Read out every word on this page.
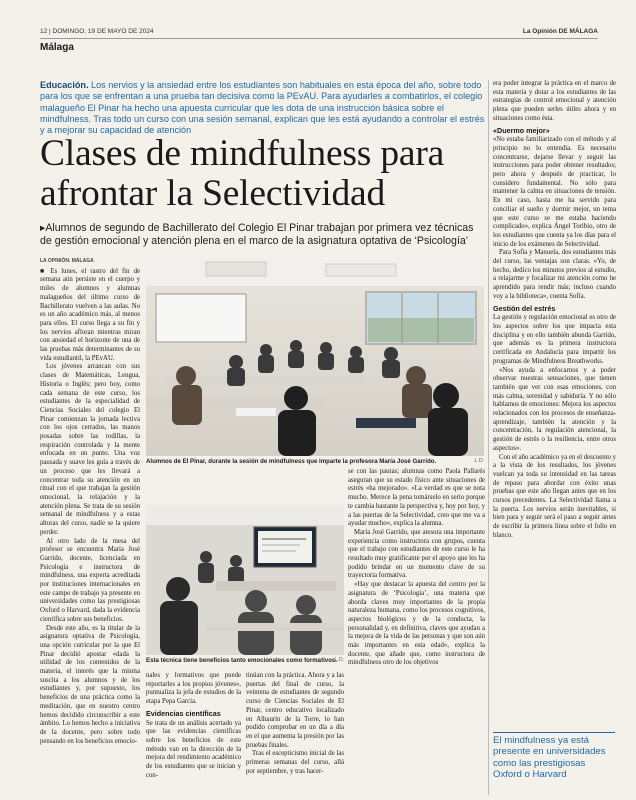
12 | DOMINGO, 19 DE MAYO DE 2024	La Opinión DE MÁLAGA
Málaga
Educación. Los nervios y la ansiedad entre los estudiantes son habituales en esta época del año, sobre todo para los que se enfrentan a una prueba tan decisiva como la PEvAU. Para ayudarles a combatirlos, el colegio malagueño El Pinar ha hecho una apuesta curricular que les dota de una instrucción básica sobre el mindfulness. Tras todo un curso con una sesión semanal, explican que les está ayudando a controlar el estrés y a mejorar su capacidad de atención
Clases de mindfulness para afrontar la Selectividad
▸Alumnos de segundo de Bachillerato del Colegio El Pinar trabajan por primera vez técnicas de gestión emocional y atención plena en el marco de la asignatura optativa de ‘Psicología’

era poder integrar la práctica en el marco de esta materia y dotar a los estudiantes de las estrategias de control emocional y atención plena que pueden serles útiles ahora y en situaciones como ésta.

«Duermo mejor»

«No estaba familiarizado con el método y al principio no lo entendía. Es necesario concentrarse, dejarse llevar y seguir las instrucciones para poder obtener resultados; pero ahora y después de practicar, lo considero fundamental. No sólo para mantener la calma en situaciones de tensión. En mi caso, hasta me ha servido para conciliar el sueño y dormir mejor, un tema que este curso se me estaba haciendo complicado», explica Ángel Toribio, otro de los estudiantes que cuenta ya los días para el inicio de los exámenes de Selectividad.

Para Sofía y Manuela, dos estudiantes más del curso, las ventajas son claras. «Yo, de hecho, dedico los minutos previos al estudio, a relajarme y focalizar mi atención como he aprendido para rendir más; incluso cuando voy a la biblioteca», cuenta Sofía.

Gestión del estrés

La gestión y regulación emocional es otro de los aspectos sobre los que impacta esta disciplina y en ello también abunda Garrido, que además es la primera instructora certificada en Andalucía para impartir los programas de Mindfulness Breathworks.

«Nos ayuda a enfocarnos y a poder observar nuestras sensaciones, que tienen también que ver con esas emociones, con más calma, serenidad y sabiduría. Y no sólo hablamos de emociones: Mejora los aspectos relacionados con los procesos de enseñanza-aprendizaje, también la atención y la concentración, la regulación atencional, la gestión de estrés o la resiliencia, entre otros aspectos».

Con el año académico ya en el descuento y a la vista de los resultados, los jóvenes vuelcan ya toda su intensidad en las tareas de repaso para abordar con éxito unas pruebas que este año llegan antes que en los cursos precedentes. La Selectividad llama a la puerta. Los nervios serán inevitables, si bien para y seguir será el paso a seguir antes de escribir la primera línea sobre el folio en blanco.

LA OPINIÓN. MÁLAGA

■ Es lunes, el rastro del fin de semana aún persiste en el cuerpo y miles de alumnos y alumnas malagueños del último curso de Bachillerato vuelven a las aulas. No es un año académico más, al menos para ellos. El curso llega a su fin y los nervios afloran mientras miran con ansiedad el horizonte de una de las pruebas más determinantes de su vida estudiantil, la PEvAU.

Los jóvenes arrancan con sus clases de Matemáticas, Lengua, Historia o Inglés; pero hoy, como cada semana de este curso, los estudiantes de la especialidad de Ciencias Sociales del colegio El Pinar comienzan la jornada lectiva con los ojos cerrados, las manos posadas sobre las rodillas, la respiración controlada y la mente enfocada en un punto. Una voz pausada y suave les guía a través de un proceso que les llevará a concentrar toda su atención en un ritual con el que trabajan la gestión emocional, la relajación y la atención plena. Se trata de su sesión semanal de mindfulness y a estas alturas del curso, nadie se la quiere perder.

Al otro lado de la mesa del profesor se encuentra María José Garrido, docente, licenciada en Psicología e instructora de mindfulness, una experta acreditada por instituciones internacionales en este campo de trabajo ya presente en universidades como las prestigiosas Oxford o Harvard, dada la evidencia científica sobre sus beneficios.

Desde este año, es la titular de la asignatura optativa de Psicología, una opción curricular por la que El Pinar decidió apostar «dada la utilidad de los contenidos de la materia, el interés que la misma suscita a los alumnos y de los estudiantes y, por supuesto, los beneficios de una práctica como la meditación, que en nuestro centro hemos decidido circunscribir a este ámbito. Lo hemos hecho a iniciativa de la docente, pero sobre todo pensando en los beneficios emocio-

Alumnos de El Pinar, durante la sesión de mindfulness que imparte la profesora María José Garrido.	L.O.
Esta técnica tiene beneficios tanto emocionales como formativos.
L.O.

se con las pautas; alumnas como Paola Pallarés aseguran que su estado físico ante situaciones de estrés «ha mejorado». «La verdad es que se nota mucho. Merece la pena tomárselo en serio porque te cambia bastante la perspectiva y, hoy por hoy, y a las puertas de la Selectividad, creo que me va a ayudar mucho», explica la alumna.

María José Garrido, que atesora una importante experiencia como instructora con grupos, cuenta que el trabajo con estudiantes de este curso le ha resultado muy gratificante por el apoyo que les ha podido brindar en un momento clave de su trayectoria formativa.

«Hay que destacar la apuesta del centro por la asignatura de ‘Psicología’, una materia que aborda claves muy importantes de la propia naturaleza humana, como los procesos cognitivos, aspectos biológicos y de la conducta, la personalidad y, en definitiva, claves que ayudan a la mejora de la vida de las personas y que son aún más importantes en esta edad», explica la docente, que añade que, como instructora de mindfulness otro de los objetivos

nales y formativos que puede reportarles a los propios jóvenes», puntualiza la jefa de estudios de la etapa Pepa García.

Evidencias científicas

Se trata de un análisis acertado ya que las evidencias científicas sobre los beneficios de este método van en la dirección de la mejora del rendimiento académico de los estudiantes que se inician y con-

tinúan con la práctica. Ahora y a las puertas del final de curso, la veintena de estudiantes de segundo curso de Ciencias Sociales de El Pinar, centro educativo localizado en Alhaurín de la Torre, lo han podido comprobar en un día a día en el que aumenta la presión por las pruebas finales.

Tras el escepticismo inicial de las primeras semanas del curso, allá por septiembre, y tras hacer-

El mindfulness ya está presente en universidades como las prestigiosas Oxford o Harvard
